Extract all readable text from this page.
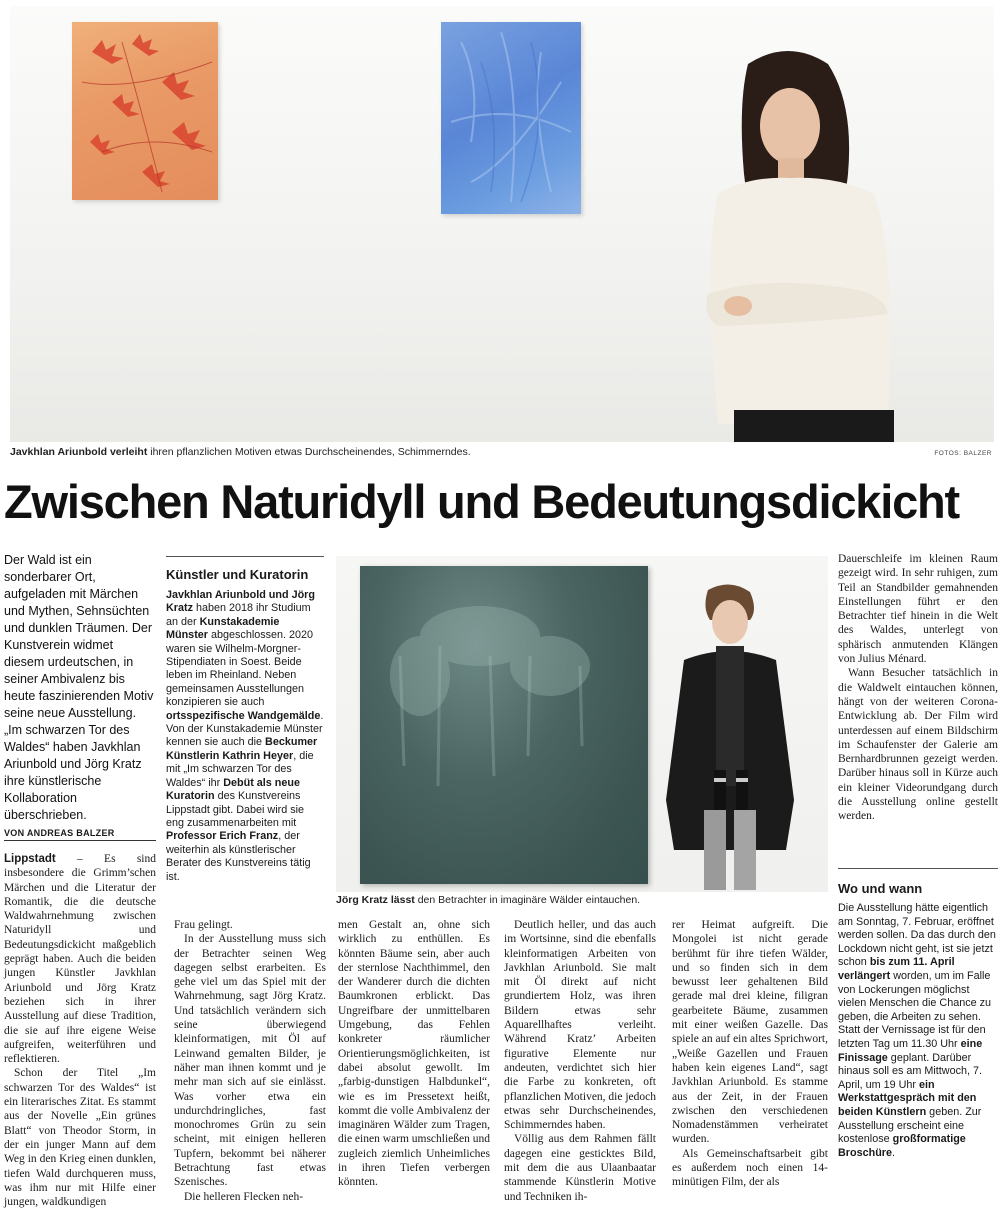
Javkhlan Ariunbold verleiht ihren pflanzlichen Motiven etwas Durchscheinendes, Schimmerndes.	FOTOS: BALZER
Zwischen Naturidyll und Bedeutungsdickicht
Der Wald ist ein sonderbarer Ort, aufgeladen mit Märchen und Mythen, Sehnsüchten und dunklen Träumen. Der Kunstverein widmet diesem urdeutschen, in seiner Ambivalenz bis heute faszinierenden Motiv seine neue Ausstellung. „Im schwarzen Tor des Waldes“ haben Javkhlan Ariunbold und Jörg Kratz ihre künstlerische Kollaboration überschrieben.
VON ANDREAS BALZER
Künstler und Kuratorin
Javkhlan Ariunbold und Jörg Kratz haben 2018 ihr Studium an der Kunstakademie Münster abgeschlossen. 2020 waren sie Wilhelm-Morgner-Stipendiaten in Soest. Beide leben im Rheinland. Neben gemeinsamen Ausstellungen konzipieren sie auch ortsspezifische Wandgemälde. Von der Kunstakademie Münster kennen sie auch die Beckumer Künstlerin Kathrin Heyer, die mit „Im schwarzen Tor des Waldes“ ihr Debüt als neue Kuratorin des Kunstvereins Lippstadt gibt. Dabei wird sie eng zusammenarbeiten mit Professor Erich Franz, der weiterhin als künstlerischer Berater des Kunstvereins tätig ist.
Jörg Kratz lässt den Betrachter in imaginäre Wälder eintauchen.

Lippstadt – Es sind insbesondere die Grimm’schen Märchen und die Literatur der Romantik, die die deutsche Waldwahrnehmung zwischen Naturidyll und Bedeutungsdickicht maßgeblich geprägt haben. Auch die beiden jungen Künstler Javkhlan Ariunbold und Jörg Kratz beziehen sich in ihrer Ausstellung auf diese Tradition, die sie auf ihre eigene Weise aufgreifen, weiterführen und reflektieren.

Schon der Titel „Im schwarzen Tor des Waldes“ ist ein literarisches Zitat. Es stammt aus der Novelle „Ein grünes Blatt“ von Theodor Storm, in der ein junger Mann auf dem Weg in den Krieg einen dunklen, tiefen Wald durchqueren muss, was ihm nur mit Hilfe einer jungen, waldkundigen

Frau gelingt.

In der Ausstellung muss sich der Betrachter seinen Weg dagegen selbst erarbeiten. Es gehe viel um das Spiel mit der Wahrnehmung, sagt Jörg Kratz. Und tatsächlich verändern sich seine überwiegend kleinformatigen, mit Öl auf Leinwand gemalten Bilder, je näher man ihnen kommt und je mehr man sich auf sie einlässt. Was vorher etwa ein undurchdringliches, fast monochromes Grün zu sein scheint, mit einigen helleren Tupfern, bekommt bei näherer Betrachtung fast etwas Szenisches.

Die helleren Flecken neh-

men Gestalt an, ohne sich wirklich zu enthüllen. Es könnten Bäume sein, aber auch der sternlose Nachthimmel, den der Wanderer durch die dichten Baumkronen erblickt. Das Ungreifbare der unmittelbaren Umgebung, das Fehlen konkreter räumlicher Orientierungsmöglichkeiten, ist dabei absolut gewollt. Im „farbig-dunstigen Halbdunkel“, wie es im Pressetext heißt, kommt die volle Ambivalenz der imaginären Wälder zum Tragen, die einen warm umschließen und zugleich ziemlich Unheimliches in ihren Tiefen verbergen könnten.

Deutlich heller, und das auch im Wortsinne, sind die ebenfalls kleinformatigen Arbeiten von Javkhlan Ariunbold. Sie malt mit Öl direkt auf nicht grundiertem Holz, was ihren Bildern etwas sehr Aquarellhaftes verleiht. Während Kratz’ Arbeiten figurative Elemente nur andeuten, verdichtet sich hier die Farbe zu konkreten, oft pflanzlichen Motiven, die jedoch etwas sehr Durchscheinendes, Schimmerndes haben.

Völlig aus dem Rahmen fällt dagegen eine gesticktes Bild, mit dem die aus Ulaanbaatar stammende Künstlerin Motive und Techniken ih-

rer Heimat aufgreift. Die Mongolei ist nicht gerade berühmt für ihre tiefen Wälder, und so finden sich in dem bewusst leer gehaltenen Bild gerade mal drei kleine, filigran gearbeitete Bäume, zusammen mit einer weißen Gazelle. Das spiele an auf ein altes Sprichwort, „Weiße Gazellen und Frauen haben kein eigenes Land“, sagt Javkhlan Ariunbold. Es stamme aus der Zeit, in der Frauen zwischen den verschiedenen Nomadenstämmen verheiratet wurden.

Als Gemeinschaftsarbeit gibt es außerdem noch einen 14-minütigen Film, der als

Dauerschleife im kleinen Raum gezeigt wird. In sehr ruhigen, zum Teil an Standbilder gemahnenden Einstellungen führt er den Betrachter tief hinein in die Welt des Waldes, unterlegt von sphärisch anmutenden Klängen von Julius Ménard.

Wann Besucher tatsächlich in die Waldwelt eintauchen können, hängt von der weiteren Corona-Entwicklung ab. Der Film wird unterdessen auf einem Bildschirm im Schaufenster der Galerie am Bernhardbrunnen gezeigt werden. Darüber hinaus soll in Kürze auch ein kleiner Videorundgang durch die Ausstellung online gestellt werden.

Wo und wann
Die Ausstellung hätte eigentlich am Sonntag, 7. Februar, eröffnet werden sollen. Da das durch den Lockdown nicht geht, ist sie jetzt schon bis zum 11. April verlängert worden, um im Falle von Lockerungen möglichst vielen Menschen die Chance zu geben, die Arbeiten zu sehen. Statt der Vernissage ist für den letzten Tag um 11.30 Uhr eine Finissage geplant. Darüber hinaus soll es am Mittwoch, 7. April, um 19 Uhr ein Werkstattgespräch mit den beiden Künstlern geben. Zur Ausstellung erscheint eine kostenlose großformatige Broschüre.
